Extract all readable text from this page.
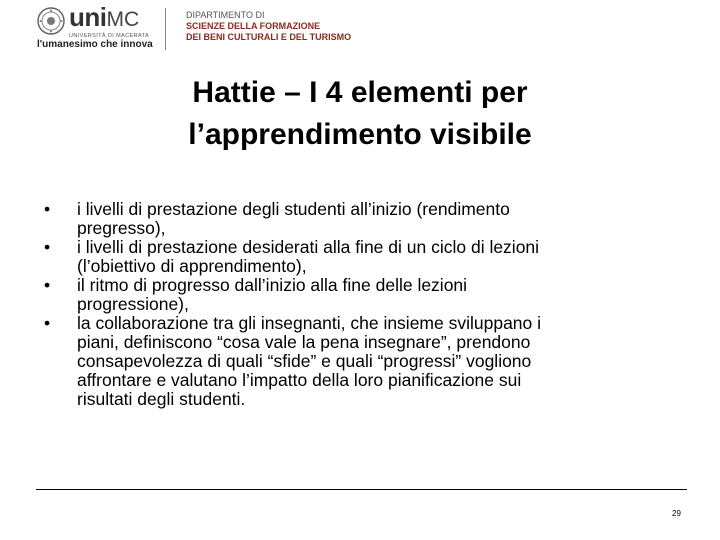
uniMC
UNIVERSITÀ DI MACERATA
l'umanesimo che innova
DIPARTIMENTO DI
SCIENZE DELLA FORMAZIONE
DEI BENI CULTURALI E DEL TURISMO
Hattie – I 4 elementi per
l’apprendimento visibile
• i livelli di prestazione degli studenti all’inizio (rendimento
pregresso),
• i livelli di prestazione desiderati alla fine di un ciclo di lezioni
(l’obiettivo di apprendimento),
• il ritmo di progresso dall’inizio alla fine delle lezioni
progressione),
• la collaborazione tra gli insegnanti, che insieme sviluppano i
piani, definiscono “cosa vale la pena insegnare”, prendono
consapevolezza di quali “sfide” e quali “progressi” vogliono
affrontare e valutano l’impatto della loro pianificazione sui
risultati degli studenti.
29
